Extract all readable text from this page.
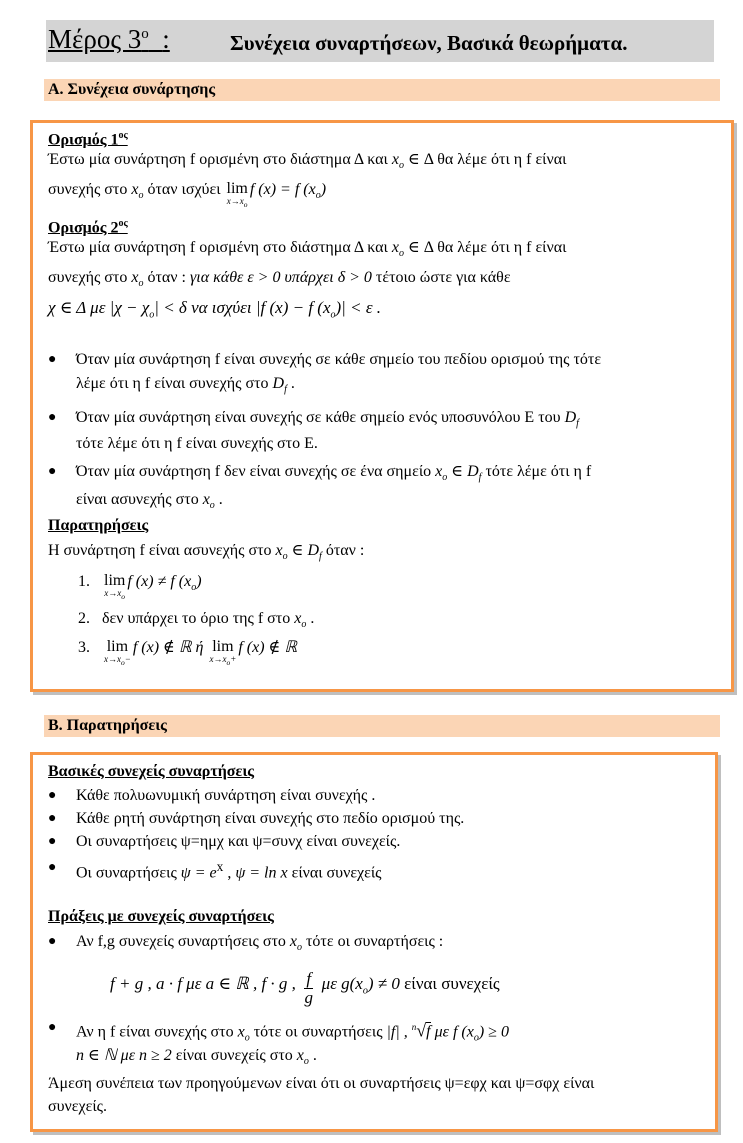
Μέρος $3^o$ :	Συνέχεια συναρτήσεων, Βασικά θεωρήματα.
Α. Συνέχεια συνάρτησης
Ορισμός $1^{o\varsigma}$
Έστω μία συνάρτηση f ορισμένη στο διάστημα Δ και $x_o$ ∈ Δ θα λέμε ότι η f είναι
συνεχής στο $x_o$ όταν ισχύει lim
$x\to x_o$
f (x) = f $(x_o)$
Ορισμός $2^{o\varsigma}$
Έστω μία συνάρτηση f ορισμένη στο διάστημα Δ και $x_o$ ∈ Δ θα λέμε ότι η f είναι
συνεχής στο $x_o$ όταν : για κάθε ε > 0 υπάρχει δ > 0 τέτοιο ώστε για κάθε
χ ∈ Δ με $|\chi - \chi_o| < \delta$ να ισχύει |f (x) − f $(x_o)| < \varepsilon$ .
● Όταν μία συνάρτηση f είναι συνεχής σε κάθε σημείο του πεδίου ορισμού της τότε
λέμε ότι η f είναι συνεχής στο $D_f$ .
● Όταν μία συνάρτηση είναι συνεχής σε κάθε σημείο ενός υποσυνόλου Ε του $D_f$
τότε λέμε ότι η f είναι συνεχής στο Ε.
● Όταν μία συνάρτηση f δεν είναι συνεχής σε ένα σημείο $x_o$ ∈ $D_f$ τότε λέμε ότι η f
είναι ασυνεχής στο $x_o$ .
Παρατηρήσεις
Η συνάρτηση f είναι ασυνεχής στο $x_o$ ∈ $D_f$ όταν :
1. lim
$x\to x_o$
f (x) ≠ f $(x_o)$
2. δεν υπάρχει το όριο της f στο $x_o$ .
3. lim
$x\to x_o-$
f (x) ∉ ℝ ή lim
$x\to x_o+$
f (x) ∉ ℝ
Β. Παρατηρήσεις
Βασικές συνεχείς συναρτήσεις
● Κάθε πολυωνυμική συνάρτηση είναι συνεχής .
● Κάθε ρητή συνάρτηση είναι συνεχής στο πεδίο ορισμού της.
● Οι συναρτήσεις ψ=ημχ και ψ=συνχ είναι συνεχείς.
● Οι συναρτήσεις $\psi = e^x$ , ψ = ln x είναι συνεχείς
Πράξεις με συνεχείς συναρτήσεις
● Αν f,g συνεχείς συναρτήσεις στο $x_o$ τότε οι συναρτήσεις :
f + g , a · f με a ∈ ℝ , f · g , $\frac{f}{g}$ με $g(x_o) \ne 0$ είναι συνεχείς
● Αν η f είναι συνεχής στο $x_o$ τότε οι συναρτήσεις |f| , $^n$√f με f $(x_o) \ge 0$
n ∈ ℕ με n ≥ 2 είναι συνεχείς στο $x_o$ .
Άμεση συνέπεια των προηγούμενων είναι ότι οι συναρτήσεις ψ=εφχ και ψ=σφχ είναι
συνεχείς.
